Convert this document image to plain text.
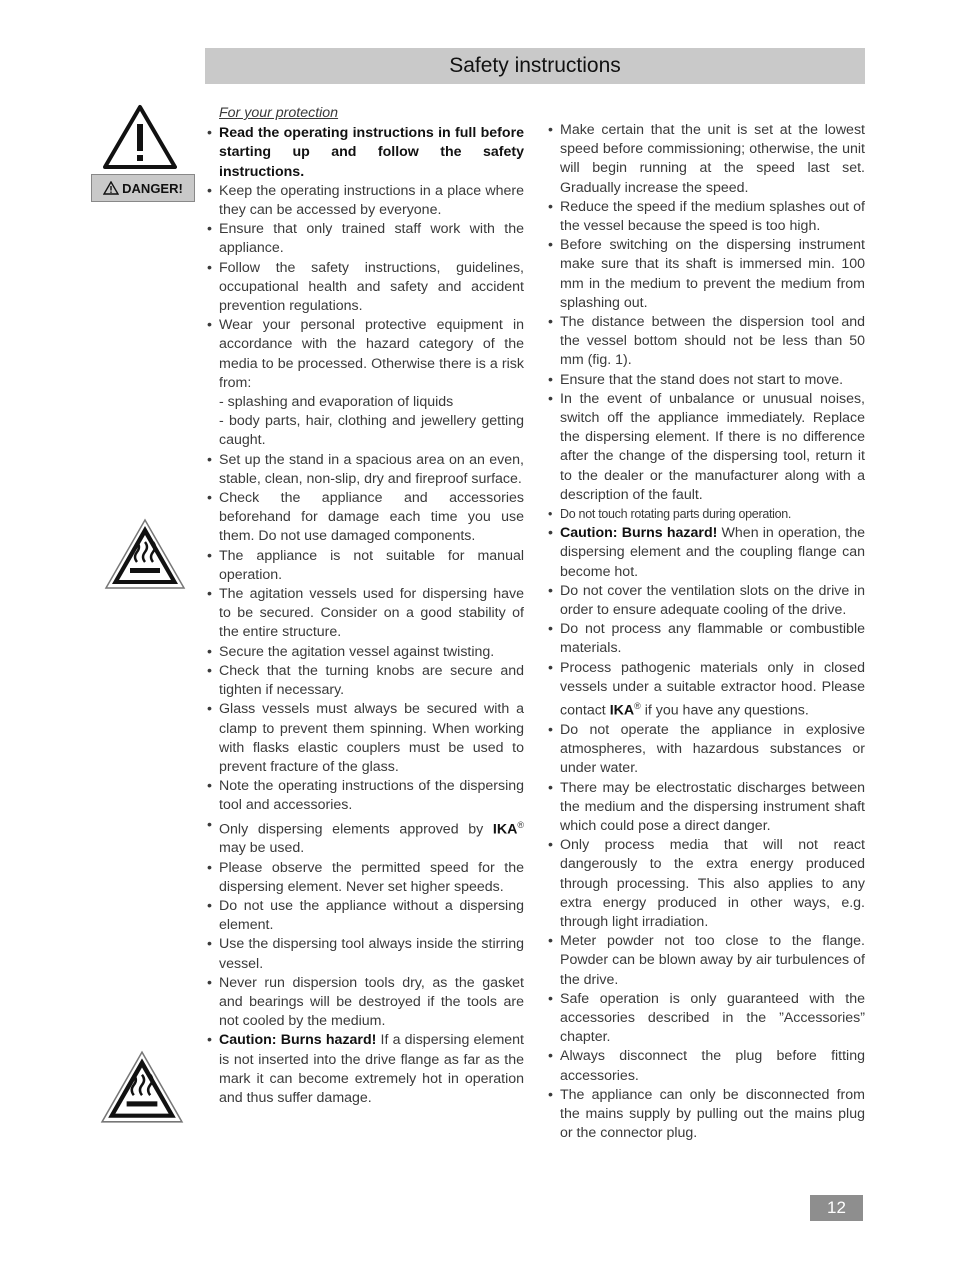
Safety instructions
DANGER!
For your protection
• Read the operating instructions in full before starting up and follow the safety instructions.
• Keep the operating instructions in a place where they can be accessed by everyone.
• Ensure that only trained staff work with the appliance.
• Follow the safety instructions, guidelines, occupational health and safety and accident prevention regulations.
• Wear your personal protective equipment in accordance with the hazard category of the media to be processed. Otherwise there is a risk from:
- splashing and evaporation of liquids
- body parts, hair, clothing and jewellery getting caught.
• Set up the stand in a spacious area on an even, stable, clean, non-slip, dry and fireproof surface.
• Check the appliance and accessories beforehand for damage each time you use them. Do not use damaged components.
• The appliance is not suitable for manual operation.
• The agitation vessels used for dispersing have to be secured. Consider on a good stability of the entire structure.
• Secure the agitation vessel against twisting.
• Check that the turning knobs are secure and tighten if necessary.
• Glass vessels must always be secured with a clamp to prevent them spinning. When working with flasks elastic couplers must be used to prevent fracture of the glass.
• Note the operating instructions of the dispersing tool and accessories.
• Only dispersing elements approved by IKA® may be used.
• Please observe the permitted speed for the dispersing element. Never set higher speeds.
• Do not use the appliance without a dispersing element.
• Use the dispersing tool always inside the stirring vessel.
• Never run dispersion tools dry, as the gasket and bearings will be destroyed if the tools are not cooled by the medium.
• Caution: Burns hazard! If a dispersing element is not inserted into the drive flange as far as the mark it can become extremely hot in operation and thus suffer damage.
• Make certain that the unit is set at the lowest speed before commissioning; otherwise, the unit will begin running at the speed last set. Gradually increase the speed.
• Reduce the speed if the medium splashes out of the vessel because the speed is too high.
• Before switching on the dispersing instrument make sure that its shaft is immersed min. 100 mm in the medium to prevent the medium from splashing out.
• The distance between the dispersion tool and the vessel bottom should not be less than 50 mm (fig. 1).
• Ensure that the stand does not start to move.
• In the event of unbalance or unusual noises, switch off the appliance immediately. Replace the dispersing element. If there is no difference after the change of the dispersing tool, return it to the dealer or the manufacturer along with a description of the fault.
• Do not touch rotating parts during operation.
• Caution: Burns hazard! When in operation, the dispersing element and the coupling flange can become hot.
• Do not cover the ventilation slots on the drive in order to ensure adequate cooling of the drive.
• Do not process any flammable or combustible materials.
• Process pathogenic materials only in closed vessels under a suitable extractor hood. Please contact IKA® if you have any questions.
• Do not operate the appliance in explosive atmospheres, with hazardous substances or under water.
• There may be electrostatic discharges between the medium and the dispersing instrument shaft which could pose a direct danger.
• Only process media that will not react dangerously to the extra energy produced through processing. This also applies to any extra energy produced in other ways, e.g. through light irradiation.
• Meter powder not too close to the flange. Powder can be blown away by air turbulences of the drive.
• Safe operation is only guaranteed with the accessories described in the ”Accessories” chapter.
• Always disconnect the plug before fitting accessories.
• The appliance can only be disconnected from the mains supply by pulling out the mains plug or the connector plug.
12
